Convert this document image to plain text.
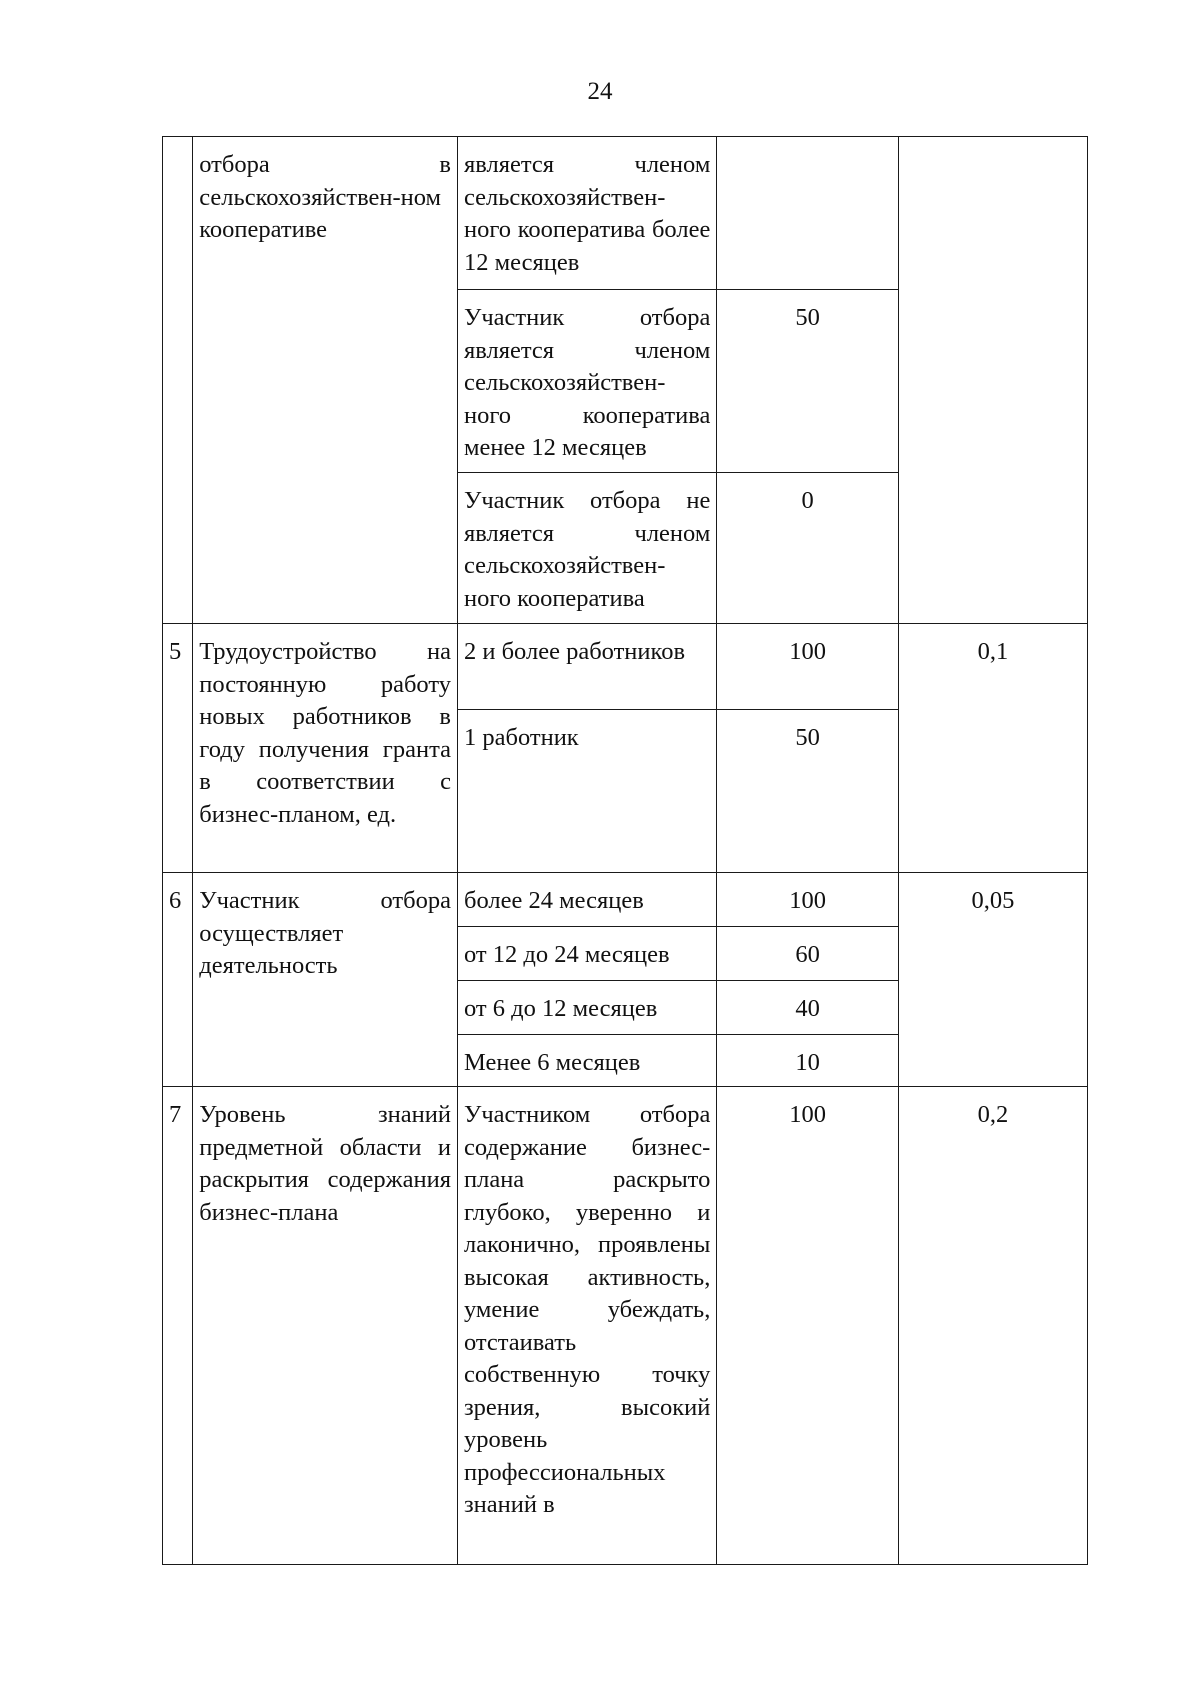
24

	отбора в сельскохозяйствен-ном кооперативе	является членом сельскохозяйствен-ного кооператива более 12 месяцев		

		Участник отбора является членом сельскохозяйствен-ного кооператива менее 12 месяцев	50	

		Участник отбора не является членом сельскохозяйствен-ного кооператива	0	

5	Трудоустройство на постоянную работу новых работников в году получения гранта в соответствии с бизнес-планом, ед.	2 и более работников	100	0,1

		1 работник	50	

6	Участник отбора осуществляет деятельность	более 24 месяцев	100	0,05

		от 12 до 24 месяцев	60	

		от 6 до 12 месяцев	40	

		Менее 6 месяцев	10	

7	Уровень знаний предметной области и раскрытия содержания бизнес-плана	Участником отбора содержание бизнес-плана раскрыто глубоко, уверенно и лаконично, проявлены высокая активность, умение убеждать, отстаивать собственную точку зрения, высокий уровень профессиональных знаний в	100	0,2
